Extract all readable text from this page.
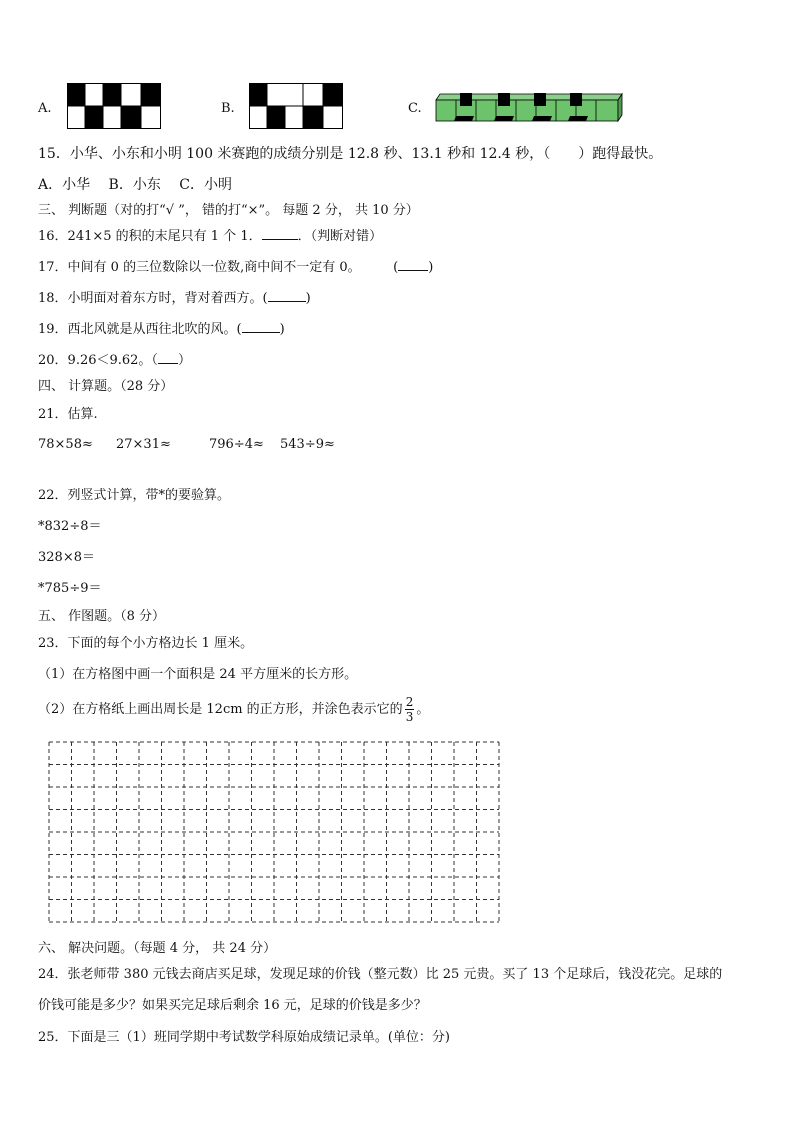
A.	B.	C.
15．小华、小东和小明 100 米赛跑的成绩分别是 12.8 秒、13.1 秒和 12.4 秒，（　　）跑得最快。
A．小华　 B．小东　 C．小明
三、 判断题（对的打“√ ”， 错的打“×”。 每题 2 分， 共 10 分）
16．241×5 的积的末尾只有 1 个 1．	．（判断对错）
17．中间有 0 的三位数除以一位数,商中间不一定有 0。　　　( )
18．小明面对着东方时，背对着西方。(	)
19．西北风就是从西往北吹的风。(	)
20．9.26＜9.62。（ ）
四、 计算题。（28 分）
21．估算.
78×58≈ 27×31≈	796÷4≈ 543÷9≈
22．列竖式计算，带*的要验算。
*832÷8＝
328×8＝
*785÷9＝
五、 作图题。（8 分）
23．下面的每个小方格边长 1 厘米。
（1）在方格图中画一个面积是 24 平方厘米的长方形。
（2）在方格纸上画出周长是 12cm 的正方形，并涂色表示它的 $\frac{2}{3}$ 。
六、 解决问题。（每题 4 分， 共 24 分）
24．张老师带 380 元钱去商店买足球，发现足球的价钱（整元数）比 25 元贵。买了 13 个足球后，钱没花完。足球的
价钱可能是多少？如果买完足球后剩余 16 元，足球的价钱是多少？
25．下面是三（1）班同学期中考试数学科原始成绩记录单。(单位：分)
